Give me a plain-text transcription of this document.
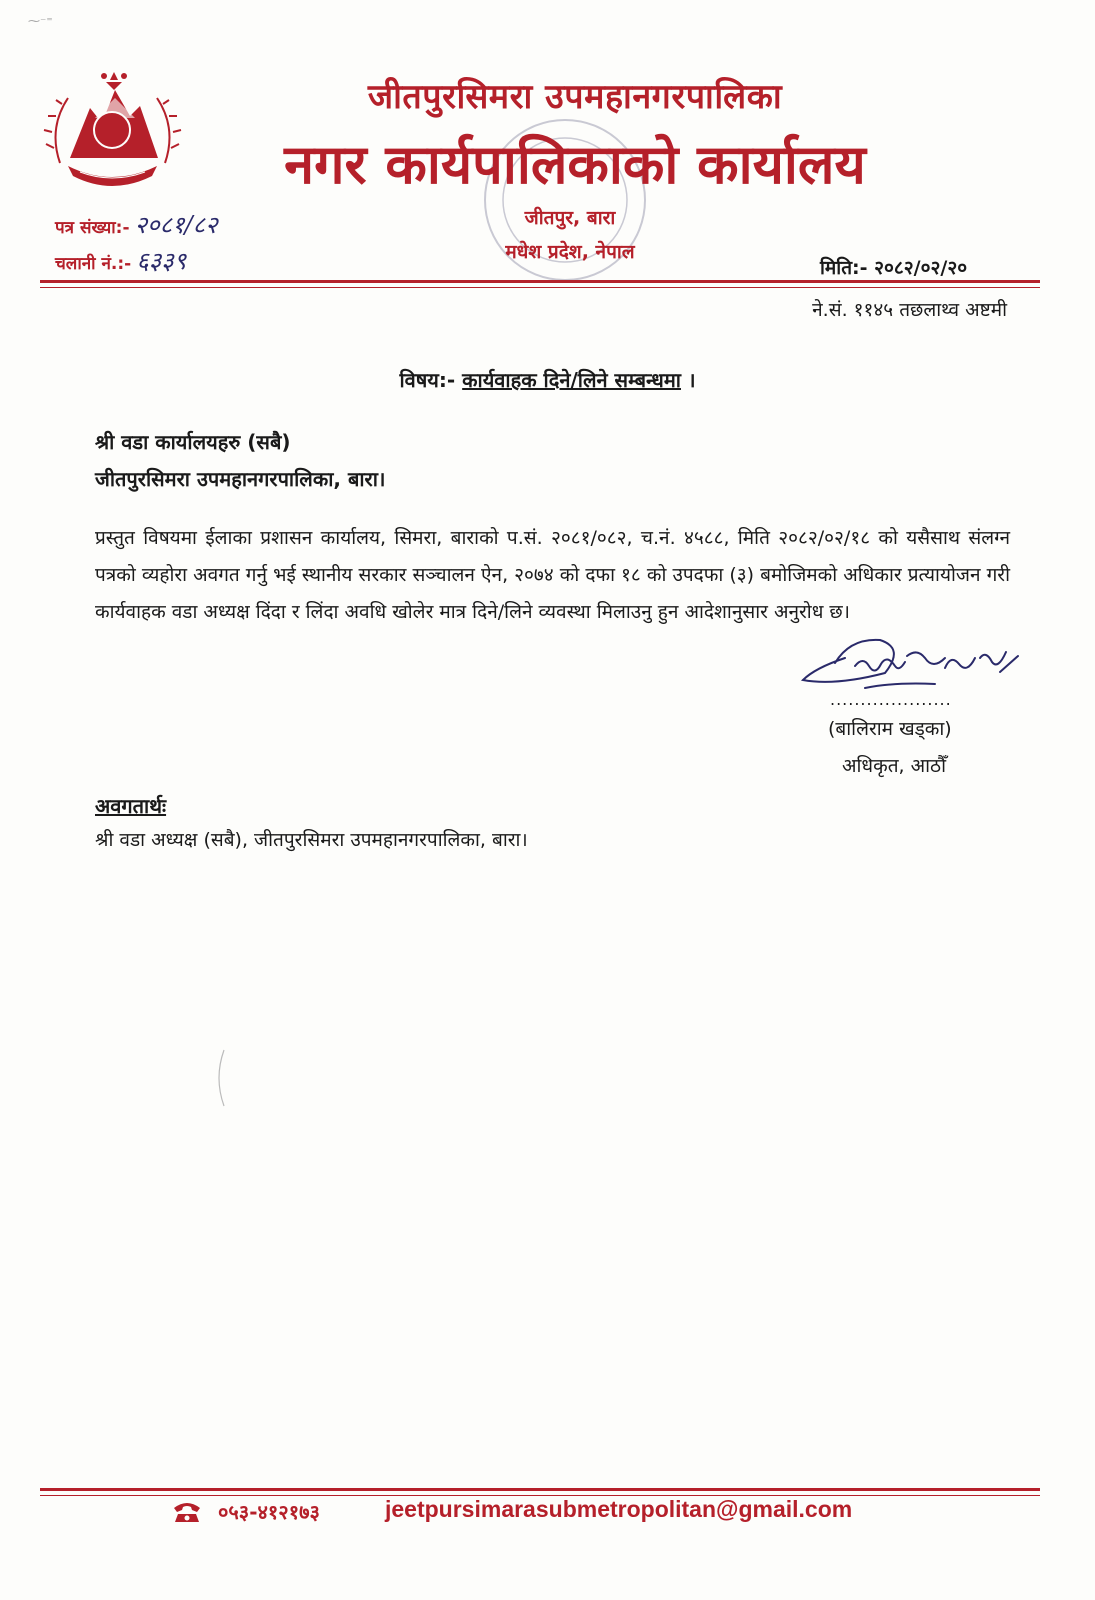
⁓⁻⁼
जीतपुरसिमरा उपमहानगरपालिका
नगर कार्यपालिकाको कार्यालय
जीतपुर, बारा
मधेश प्रदेश, नेपाल
पत्र संख्या:- २०८१/८२
चलानी नं.:- ६३३९	मिति:- २०८२/०२/२०
ने.सं. ११४५ तछलाथ्व अष्टमी
विषय:- कार्यवाहक दिने/लिने सम्बन्धमा ।
श्री वडा कार्यालयहरु (सबै)
जीतपुरसिमरा उपमहानगरपालिका, बारा।
प्रस्तुत विषयमा ईलाका प्रशासन कार्यालय, सिमरा, बाराको प.सं. २०८१/०८२, च.नं. ४५८८, मिति २०८२/०२/१८ को यसैसाथ संलग्न पत्रको व्यहोरा अवगत गर्नु भई स्थानीय सरकार सञ्चालन ऐन, २०७४ को दफा १८ को उपदफा (३) बमोजिमको अधिकार प्रत्यायोजन गरी कार्यवाहक वडा अध्यक्ष दिंदा र लिंदा अवधि खोलेर मात्र दिने/लिने व्यवस्था मिलाउनु हुन आदेशानुसार अनुरोध छ।
....................
(बालिराम खड्का)
अधिकृत, आठौँ
अवगतार्थः
श्री वडा अध्यक्ष (सबै), जीतपुरसिमरा उपमहानगरपालिका, बारा।
०५३-४१२१७३	jeetpursimarasubmetropolitan@gmail.com
